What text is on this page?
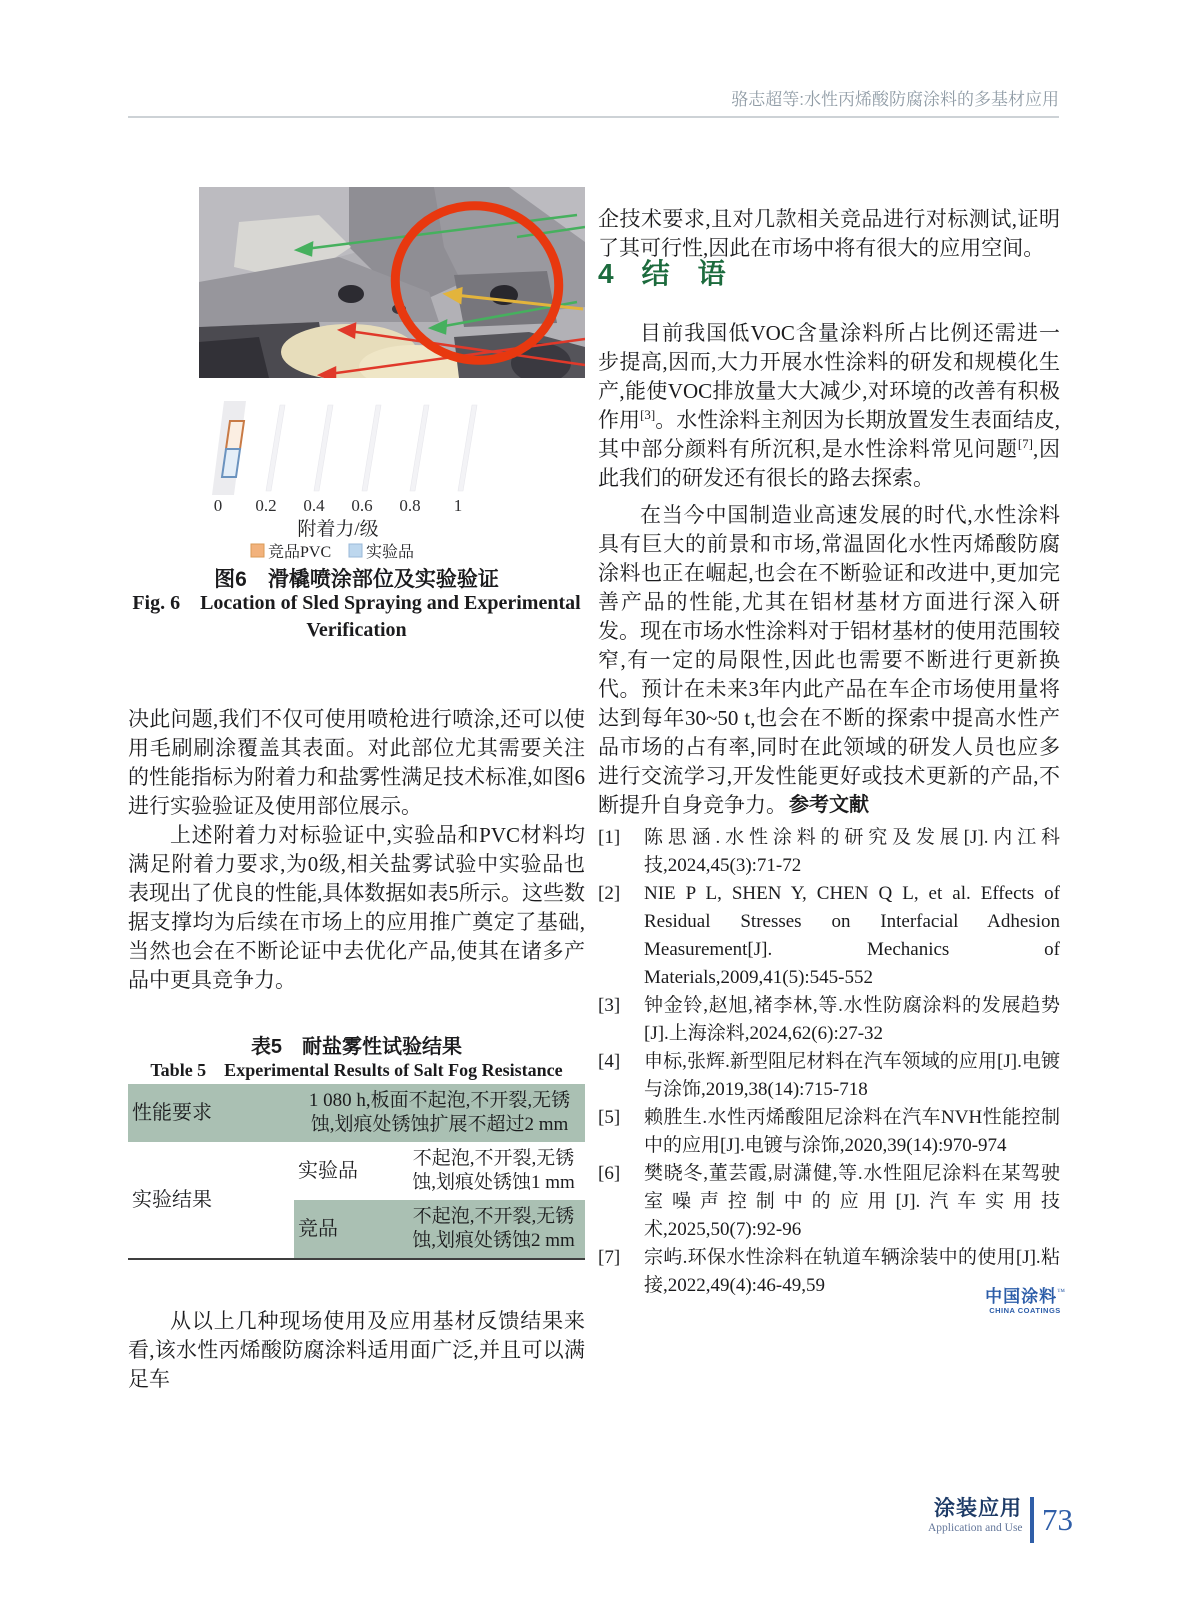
骆志超等:水性丙烯酸防腐涂料的多基材应用
0 0.2 0.4 0.6 0.8 1
附着力/级
竞品PVC 实验品
图6　滑橇喷涂部位及实验验证
Fig. 6　Location of Sled Spraying and Experimental Verification

决此问题,我们不仅可使用喷枪进行喷涂,还可以使用毛刷刷涂覆盖其表面。对此部位尤其需要关注的性能指标为附着力和盐雾性满足技术标准,如图6进行实验验证及使用部位展示。

上述附着力对标验证中,实验品和PVC材料均满足附着力要求,为0级,相关盐雾试验中实验品也表现出了优良的性能,具体数据如表5所示。这些数据支撑均为后续在市场上的应用推广奠定了基础,当然也会在不断论证中去优化产品,使其在诸多产品中更具竞争力。

表5　耐盐雾性试验结果
Table 5　Experimental Results of Salt Fog Resistance
性能要求	1 080 h,板面不起泡,不开裂,无锈蚀,划痕处锈蚀扩展不超过2 mm	
实验结果	实验品	不起泡,不开裂,无锈蚀,划痕处锈蚀1 mm
	竞品	不起泡,不开裂,无锈蚀,划痕处锈蚀2 mm

从以上几种现场使用及应用基材反馈结果来看,该水性丙烯酸防腐涂料适用面广泛,并且可以满足车

企技术要求,且对几款相关竞品进行对标测试,证明了其可行性,因此在市场中将有很大的应用空间。

4 结　语

目前我国低VOC含量涂料所占比例还需进一步提高,因而,大力开展水性涂料的研发和规模化生产,能使VOC排放量大大减少,对环境的改善有积极作用[3]。水性涂料主剂因为长期放置发生表面结皮,其中部分颜料有所沉积,是水性涂料常见问题[7],因此我们的研发还有很长的路去探索。

在当今中国制造业高速发展的时代,水性涂料具有巨大的前景和市场,常温固化水性丙烯酸防腐涂料也正在崛起,也会在不断验证和改进中,更加完善产品的性能,尤其在铝材基材方面进行深入研发。现在市场水性涂料对于铝材基材的使用范围较窄,有一定的局限性,因此也需要不断进行更新换代。预计在未来3年内此产品在车企市场使用量将达到每年30~50 t,也会在不断的探索中提高水性产品市场的占有率,同时在此领域的研发人员也应多进行交流学习,开发性能更好或技术更新的产品,不断提升自身竞争力。 参考文献
[1] 陈思涵.水性涂料的研究及发展[J].内江科技,2024,45(3):71-72
[2] NIE P L, SHEN Y, CHEN Q L, et al. Effects of Residual Stresses on Interfacial Adhesion Measurement[J]. Mechanics of Materials,2009,41(5):545-552
[3] 钟金铃,赵旭,褚李林,等.水性防腐涂料的发展趋势[J].上海涂料,2024,62(6):27-32
[4] 申标,张辉.新型阻尼材料在汽车领域的应用[J].电镀与涂饰,2019,38(14):715-718
[5] 赖胜生.水性丙烯酸阻尼涂料在汽车NVH性能控制中的应用[J].电镀与涂饰,2020,39(14):970-974
[6] 樊晓冬,董芸霞,尉潇健,等.水性阻尼涂料在某驾驶室噪声控制中的应用[J].汽车实用技术,2025,50(7):92-96
[7] 宗屿.环保水性涂料在轨道车辆涂装中的使用[J].粘接,2022,49(4):46-49,59
中国涂料™
CHINA COATINGS
涂装应用
Application and Use 73
